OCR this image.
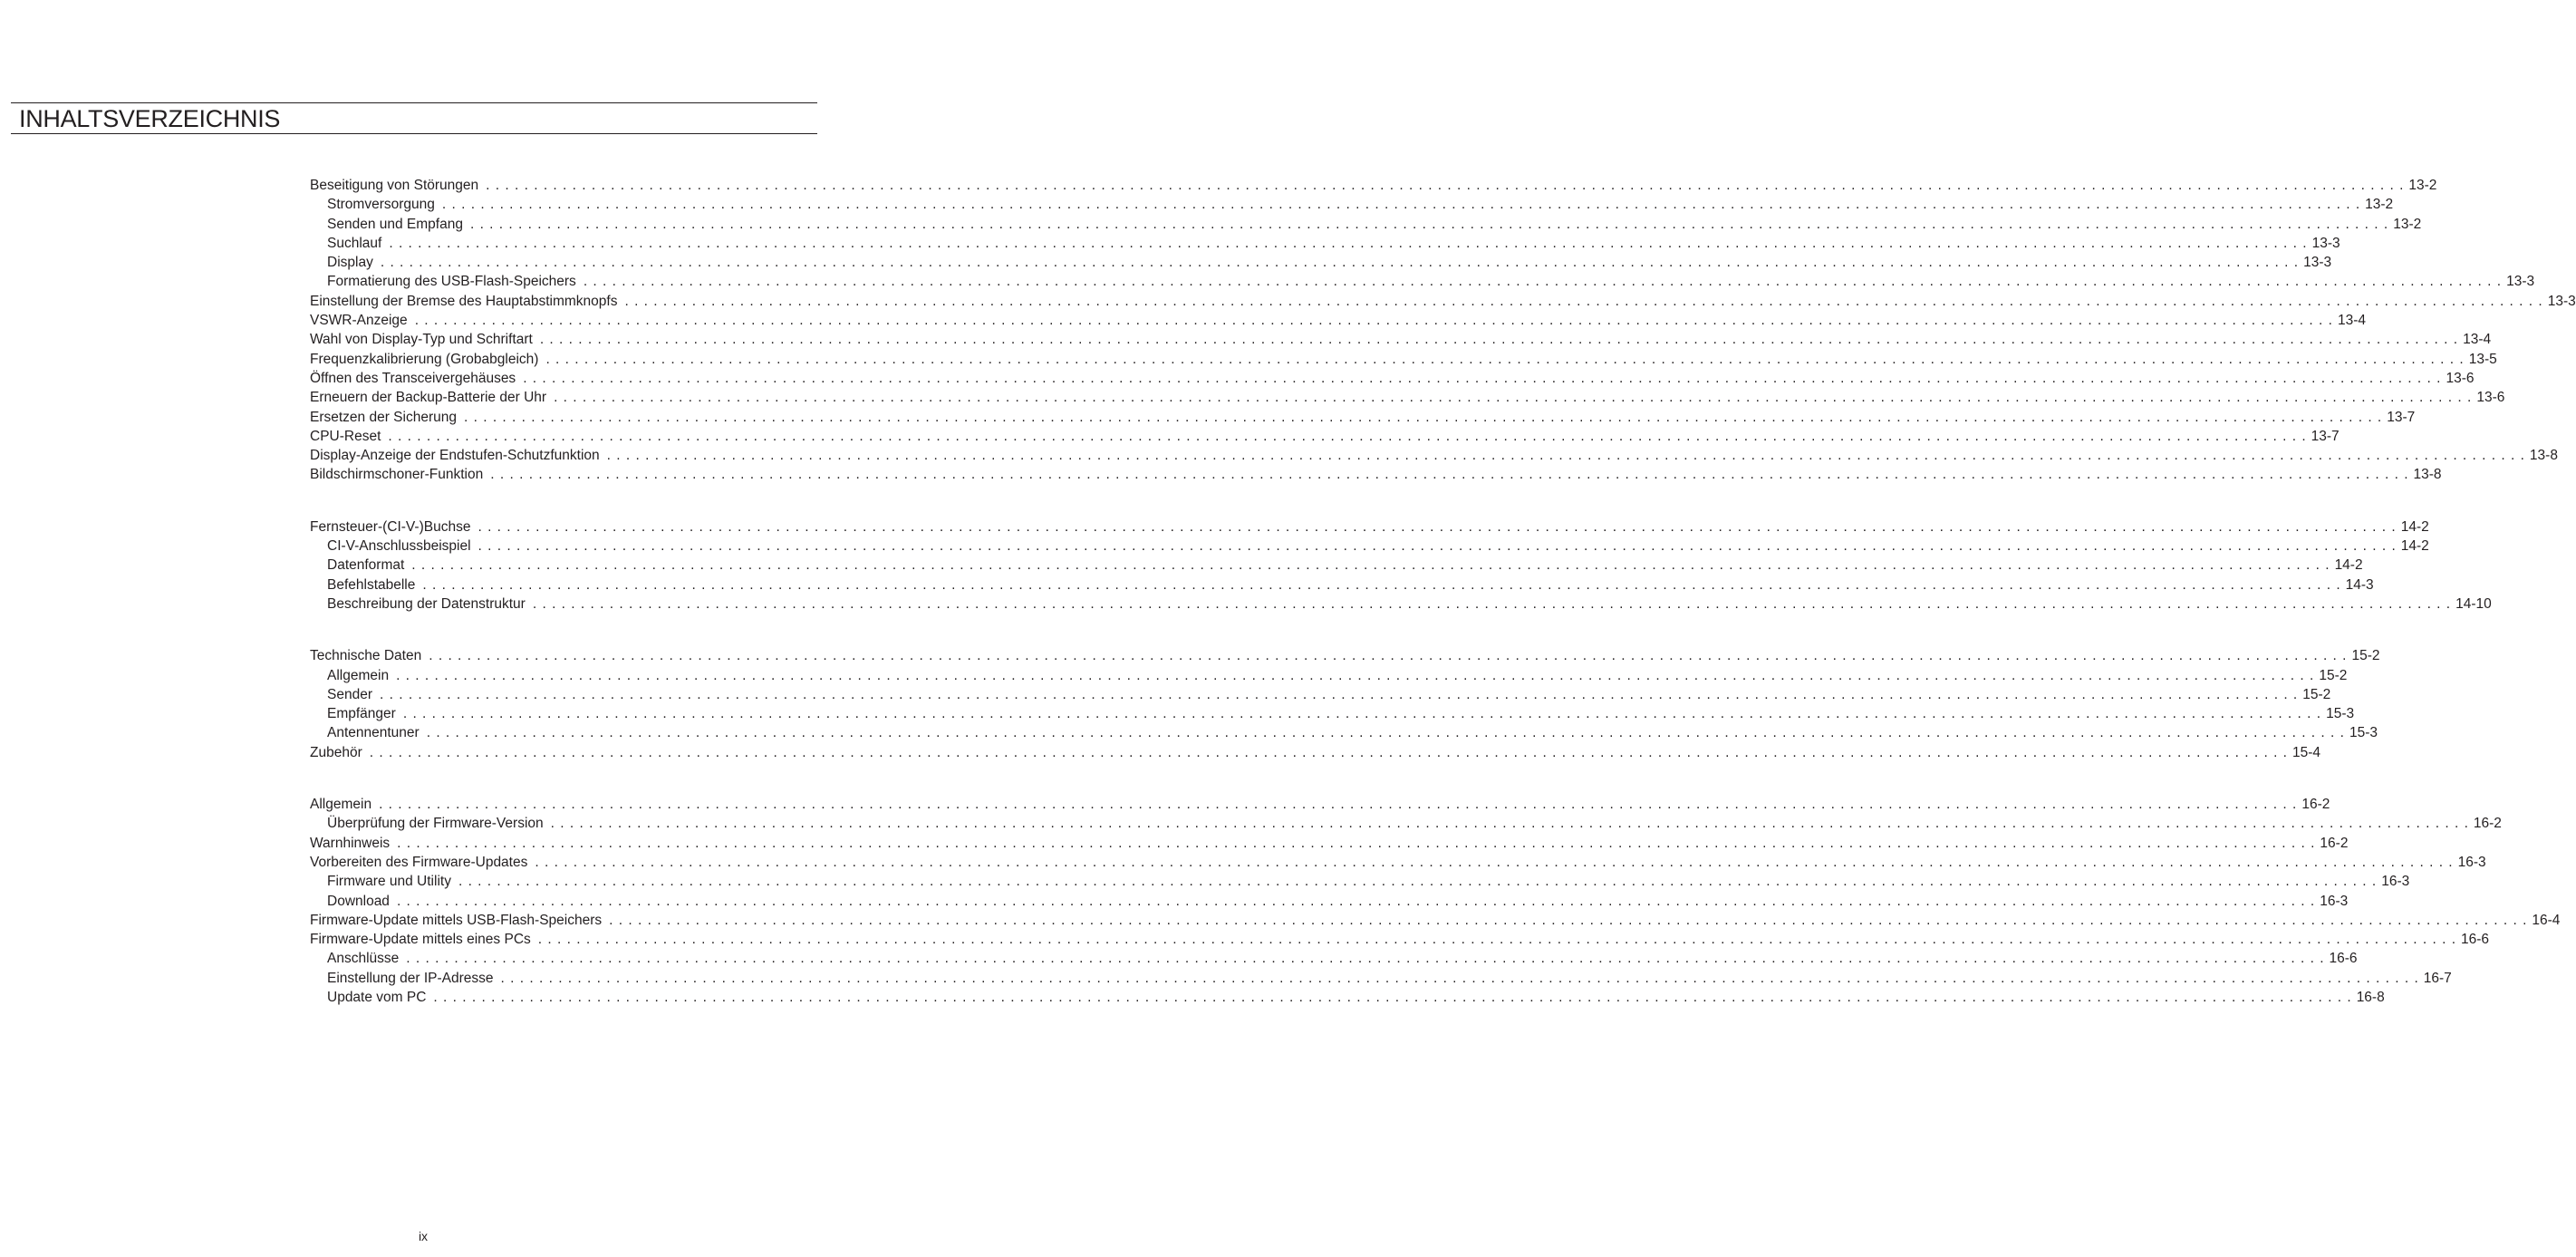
INHALTSVERZEICHNIS
Beseitigung von Störungen . . . . . . . . . . . . . . . . . . . . . . . . . . . . . . . . . . . . . . . . . . . . . . . . . . . . . . . . . . . . . . . . . . . . . . . . . . . . . . . . . . . . . . . . . . . . . . . . . . . . . . . . . . . . . . . . . . . . . . . . . . . . . . . . . . . . . . . . . . . . . . . . . . . . . . . . . . . . . . . . . . . . . . . . . . . . . . . . . . . . . . . . . . . . . . . . . . . . . . . . 13-2
Stromversorgung . . . . . . . . . . . . . . . . . . . . . . . . . . . . . . . . . . . . . . . . . . . . . . . . . . . . . . . . . . . . . . . . . . . . . . . . . . . . . . . . . . . . . . . . . . . . . . . . . . . . . . . . . . . . . . . . . . . . . . . . . . . . . . . . . . . . . . . . . . . . . . . . . . . . . . . . . . . . . . . . . . . . . . . . . . . . . . . . . . . . . . . . . . . . . . . . . . . . . . . . 13-2
Senden und Empfang . . . . . . . . . . . . . . . . . . . . . . . . . . . . . . . . . . . . . . . . . . . . . . . . . . . . . . . . . . . . . . . . . . . . . . . . . . . . . . . . . . . . . . . . . . . . . . . . . . . . . . . . . . . . . . . . . . . . . . . . . . . . . . . . . . . . . . . . . . . . . . . . . . . . . . . . . . . . . . . . . . . . . . . . . . . . . . . . . . . . . . . . . . . . . . . . . . . . . . . . 13-2
Suchlauf . . . . . . . . . . . . . . . . . . . . . . . . . . . . . . . . . . . . . . . . . . . . . . . . . . . . . . . . . . . . . . . . . . . . . . . . . . . . . . . . . . . . . . . . . . . . . . . . . . . . . . . . . . . . . . . . . . . . . . . . . . . . . . . . . . . . . . . . . . . . . . . . . . . . . . . . . . . . . . . . . . . . . . . . . . . . . . . . . . . . . . . . . . . . . . . . . . . . . . . . 13-3
Display . . . . . . . . . . . . . . . . . . . . . . . . . . . . . . . . . . . . . . . . . . . . . . . . . . . . . . . . . . . . . . . . . . . . . . . . . . . . . . . . . . . . . . . . . . . . . . . . . . . . . . . . . . . . . . . . . . . . . . . . . . . . . . . . . . . . . . . . . . . . . . . . . . . . . . . . . . . . . . . . . . . . . . . . . . . . . . . . . . . . . . . . . . . . . . . . . . . . . . . . 13-3
Formatierung des USB-Flash-Speichers . . . . . . . . . . . . . . . . . . . . . . . . . . . . . . . . . . . . . . . . . . . . . . . . . . . . . . . . . . . . . . . . . . . . . . . . . . . . . . . . . . . . . . . . . . . . . . . . . . . . . . . . . . . . . . . . . . . . . . . . . . . . . . . . . . . . . . . . . . . . . . . . . . . . . . . . . . . . . . . . . . . . . . . . . . . . . . . . . . . . . . . . . . . . . . . . . . . . . . . . 13-3
Einstellung der Bremse des Hauptabstimmknopfs . . . . . . . . . . . . . . . . . . . . . . . . . . . . . . . . . . . . . . . . . . . . . . . . . . . . . . . . . . . . . . . . . . . . . . . . . . . . . . . . . . . . . . . . . . . . . . . . . . . . . . . . . . . . . . . . . . . . . . . . . . . . . . . . . . . . . . . . . . . . . . . . . . . . . . . . . . . . . . . . . . . . . . . . . . . . . . . . . . . . . . . . . . . . . . . . . . . . . . . . 13-3
VSWR-Anzeige . . . . . . . . . . . . . . . . . . . . . . . . . . . . . . . . . . . . . . . . . . . . . . . . . . . . . . . . . . . . . . . . . . . . . . . . . . . . . . . . . . . . . . . . . . . . . . . . . . . . . . . . . . . . . . . . . . . . . . . . . . . . . . . . . . . . . . . . . . . . . . . . . . . . . . . . . . . . . . . . . . . . . . . . . . . . . . . . . . . . . . . . . . . . . . . . . . . . . . . . 13-4
Wahl von Display-Typ und Schriftart . . . . . . . . . . . . . . . . . . . . . . . . . . . . . . . . . . . . . . . . . . . . . . . . . . . . . . . . . . . . . . . . . . . . . . . . . . . . . . . . . . . . . . . . . . . . . . . . . . . . . . . . . . . . . . . . . . . . . . . . . . . . . . . . . . . . . . . . . . . . . . . . . . . . . . . . . . . . . . . . . . . . . . . . . . . . . . . . . . . . . . . . . . . . . . . . . . . . . . . . 13-4
Frequenzkalibrierung (Grobabgleich) . . . . . . . . . . . . . . . . . . . . . . . . . . . . . . . . . . . . . . . . . . . . . . . . . . . . . . . . . . . . . . . . . . . . . . . . . . . . . . . . . . . . . . . . . . . . . . . . . . . . . . . . . . . . . . . . . . . . . . . . . . . . . . . . . . . . . . . . . . . . . . . . . . . . . . . . . . . . . . . . . . . . . . . . . . . . . . . . . . . . . . . . . . . . . . . . . . . . . . . . 13-5
Öffnen des Transceivergehäuses . . . . . . . . . . . . . . . . . . . . . . . . . . . . . . . . . . . . . . . . . . . . . . . . . . . . . . . . . . . . . . . . . . . . . . . . . . . . . . . . . . . . . . . . . . . . . . . . . . . . . . . . . . . . . . . . . . . . . . . . . . . . . . . . . . . . . . . . . . . . . . . . . . . . . . . . . . . . . . . . . . . . . . . . . . . . . . . . . . . . . . . . . . . . . . . . . . . . . . . . 13-6
Erneuern der Backup-Batterie der Uhr . . . . . . . . . . . . . . . . . . . . . . . . . . . . . . . . . . . . . . . . . . . . . . . . . . . . . . . . . . . . . . . . . . . . . . . . . . . . . . . . . . . . . . . . . . . . . . . . . . . . . . . . . . . . . . . . . . . . . . . . . . . . . . . . . . . . . . . . . . . . . . . . . . . . . . . . . . . . . . . . . . . . . . . . . . . . . . . . . . . . . . . . . . . . . . . . . . . . . . . . 13-6
Ersetzen der Sicherung . . . . . . . . . . . . . . . . . . . . . . . . . . . . . . . . . . . . . . . . . . . . . . . . . . . . . . . . . . . . . . . . . . . . . . . . . . . . . . . . . . . . . . . . . . . . . . . . . . . . . . . . . . . . . . . . . . . . . . . . . . . . . . . . . . . . . . . . . . . . . . . . . . . . . . . . . . . . . . . . . . . . . . . . . . . . . . . . . . . . . . . . . . . . . . . . . . . . . . . . 13-7
CPU-Reset . . . . . . . . . . . . . . . . . . . . . . . . . . . . . . . . . . . . . . . . . . . . . . . . . . . . . . . . . . . . . . . . . . . . . . . . . . . . . . . . . . . . . . . . . . . . . . . . . . . . . . . . . . . . . . . . . . . . . . . . . . . . . . . . . . . . . . . . . . . . . . . . . . . . . . . . . . . . . . . . . . . . . . . . . . . . . . . . . . . . . . . . . . . . . . . . . . . . . . . . 13-7
Display-Anzeige der Endstufen-Schutzfunktion . . . . . . . . . . . . . . . . . . . . . . . . . . . . . . . . . . . . . . . . . . . . . . . . . . . . . . . . . . . . . . . . . . . . . . . . . . . . . . . . . . . . . . . . . . . . . . . . . . . . . . . . . . . . . . . . . . . . . . . . . . . . . . . . . . . . . . . . . . . . . . . . . . . . . . . . . . . . . . . . . . . . . . . . . . . . . . . . . . . . . . . . . . . . . . . . . . . . . . . . 13-8
Bildschirmschoner-Funktion . . . . . . . . . . . . . . . . . . . . . . . . . . . . . . . . . . . . . . . . . . . . . . . . . . . . . . . . . . . . . . . . . . . . . . . . . . . . . . . . . . . . . . . . . . . . . . . . . . . . . . . . . . . . . . . . . . . . . . . . . . . . . . . . . . . . . . . . . . . . . . . . . . . . . . . . . . . . . . . . . . . . . . . . . . . . . . . . . . . . . . . . . . . . . . . . . . . . . . . . 13-8
Fernsteuer-(CI-V-)Buchse . . . . . . . . . . . . . . . . . . . . . . . . . . . . . . . . . . . . . . . . . . . . . . . . . . . . . . . . . . . . . . . . . . . . . . . . . . . . . . . . . . . . . . . . . . . . . . . . . . . . . . . . . . . . . . . . . . . . . . . . . . . . . . . . . . . . . . . . . . . . . . . . . . . . . . . . . . . . . . . . . . . . . . . . . . . . . . . . . . . . . . . . . . . . . . . . . . . . . . . . 14-2
CI-V-Anschlussbeispiel . . . . . . . . . . . . . . . . . . . . . . . . . . . . . . . . . . . . . . . . . . . . . . . . . . . . . . . . . . . . . . . . . . . . . . . . . . . . . . . . . . . . . . . . . . . . . . . . . . . . . . . . . . . . . . . . . . . . . . . . . . . . . . . . . . . . . . . . . . . . . . . . . . . . . . . . . . . . . . . . . . . . . . . . . . . . . . . . . . . . . . . . . . . . . . . . . . . . . . . . 14-2
Datenformat . . . . . . . . . . . . . . . . . . . . . . . . . . . . . . . . . . . . . . . . . . . . . . . . . . . . . . . . . . . . . . . . . . . . . . . . . . . . . . . . . . . . . . . . . . . . . . . . . . . . . . . . . . . . . . . . . . . . . . . . . . . . . . . . . . . . . . . . . . . . . . . . . . . . . . . . . . . . . . . . . . . . . . . . . . . . . . . . . . . . . . . . . . . . . . . . . . . . . . . . 14-2
Befehlstabelle . . . . . . . . . . . . . . . . . . . . . . . . . . . . . . . . . . . . . . . . . . . . . . . . . . . . . . . . . . . . . . . . . . . . . . . . . . . . . . . . . . . . . . . . . . . . . . . . . . . . . . . . . . . . . . . . . . . . . . . . . . . . . . . . . . . . . . . . . . . . . . . . . . . . . . . . . . . . . . . . . . . . . . . . . . . . . . . . . . . . . . . . . . . . . . . . . . . . . . . . 14-3
Beschreibung der Datenstruktur . . . . . . . . . . . . . . . . . . . . . . . . . . . . . . . . . . . . . . . . . . . . . . . . . . . . . . . . . . . . . . . . . . . . . . . . . . . . . . . . . . . . . . . . . . . . . . . . . . . . . . . . . . . . . . . . . . . . . . . . . . . . . . . . . . . . . . . . . . . . . . . . . . . . . . . . . . . . . . . . . . . . . . . . . . . . . . . . . . . . . . . . . . . . . . . . . . . . . . . . 14-10
Technische Daten . . . . . . . . . . . . . . . . . . . . . . . . . . . . . . . . . . . . . . . . . . . . . . . . . . . . . . . . . . . . . . . . . . . . . . . . . . . . . . . . . . . . . . . . . . . . . . . . . . . . . . . . . . . . . . . . . . . . . . . . . . . . . . . . . . . . . . . . . . . . . . . . . . . . . . . . . . . . . . . . . . . . . . . . . . . . . . . . . . . . . . . . . . . . . . . . . . . . . . . . 15-2
Allgemein . . . . . . . . . . . . . . . . . . . . . . . . . . . . . . . . . . . . . . . . . . . . . . . . . . . . . . . . . . . . . . . . . . . . . . . . . . . . . . . . . . . . . . . . . . . . . . . . . . . . . . . . . . . . . . . . . . . . . . . . . . . . . . . . . . . . . . . . . . . . . . . . . . . . . . . . . . . . . . . . . . . . . . . . . . . . . . . . . . . . . . . . . . . . . . . . . . . . . . . . 15-2
Sender . . . . . . . . . . . . . . . . . . . . . . . . . . . . . . . . . . . . . . . . . . . . . . . . . . . . . . . . . . . . . . . . . . . . . . . . . . . . . . . . . . . . . . . . . . . . . . . . . . . . . . . . . . . . . . . . . . . . . . . . . . . . . . . . . . . . . . . . . . . . . . . . . . . . . . . . . . . . . . . . . . . . . . . . . . . . . . . . . . . . . . . . . . . . . . . . . . . . . . . . 15-2
Empfänger . . . . . . . . . . . . . . . . . . . . . . . . . . . . . . . . . . . . . . . . . . . . . . . . . . . . . . . . . . . . . . . . . . . . . . . . . . . . . . . . . . . . . . . . . . . . . . . . . . . . . . . . . . . . . . . . . . . . . . . . . . . . . . . . . . . . . . . . . . . . . . . . . . . . . . . . . . . . . . . . . . . . . . . . . . . . . . . . . . . . . . . . . . . . . . . . . . . . . . . . 15-3
Antennentuner . . . . . . . . . . . . . . . . . . . . . . . . . . . . . . . . . . . . . . . . . . . . . . . . . . . . . . . . . . . . . . . . . . . . . . . . . . . . . . . . . . . . . . . . . . . . . . . . . . . . . . . . . . . . . . . . . . . . . . . . . . . . . . . . . . . . . . . . . . . . . . . . . . . . . . . . . . . . . . . . . . . . . . . . . . . . . . . . . . . . . . . . . . . . . . . . . . . . . . . . 15-3
Zubehör . . . . . . . . . . . . . . . . . . . . . . . . . . . . . . . . . . . . . . . . . . . . . . . . . . . . . . . . . . . . . . . . . . . . . . . . . . . . . . . . . . . . . . . . . . . . . . . . . . . . . . . . . . . . . . . . . . . . . . . . . . . . . . . . . . . . . . . . . . . . . . . . . . . . . . . . . . . . . . . . . . . . . . . . . . . . . . . . . . . . . . . . . . . . . . . . . . . . . . . . 15-4
Allgemein . . . . . . . . . . . . . . . . . . . . . . . . . . . . . . . . . . . . . . . . . . . . . . . . . . . . . . . . . . . . . . . . . . . . . . . . . . . . . . . . . . . . . . . . . . . . . . . . . . . . . . . . . . . . . . . . . . . . . . . . . . . . . . . . . . . . . . . . . . . . . . . . . . . . . . . . . . . . . . . . . . . . . . . . . . . . . . . . . . . . . . . . . . . . . . . . . . . . . . . . 16-2
Überprüfung der Firmware-Version . . . . . . . . . . . . . . . . . . . . . . . . . . . . . . . . . . . . . . . . . . . . . . . . . . . . . . . . . . . . . . . . . . . . . . . . . . . . . . . . . . . . . . . . . . . . . . . . . . . . . . . . . . . . . . . . . . . . . . . . . . . . . . . . . . . . . . . . . . . . . . . . . . . . . . . . . . . . . . . . . . . . . . . . . . . . . . . . . . . . . . . . . . . . . . . . . . . . . . . . 16-2
Warnhinweis . . . . . . . . . . . . . . . . . . . . . . . . . . . . . . . . . . . . . . . . . . . . . . . . . . . . . . . . . . . . . . . . . . . . . . . . . . . . . . . . . . . . . . . . . . . . . . . . . . . . . . . . . . . . . . . . . . . . . . . . . . . . . . . . . . . . . . . . . . . . . . . . . . . . . . . . . . . . . . . . . . . . . . . . . . . . . . . . . . . . . . . . . . . . . . . . . . . . . . . . 16-2
Vorbereiten des Firmware-Updates . . . . . . . . . . . . . . . . . . . . . . . . . . . . . . . . . . . . . . . . . . . . . . . . . . . . . . . . . . . . . . . . . . . . . . . . . . . . . . . . . . . . . . . . . . . . . . . . . . . . . . . . . . . . . . . . . . . . . . . . . . . . . . . . . . . . . . . . . . . . . . . . . . . . . . . . . . . . . . . . . . . . . . . . . . . . . . . . . . . . . . . . . . . . . . . . . . . . . . . . 16-3
Firmware und Utility . . . . . . . . . . . . . . . . . . . . . . . . . . . . . . . . . . . . . . . . . . . . . . . . . . . . . . . . . . . . . . . . . . . . . . . . . . . . . . . . . . . . . . . . . . . . . . . . . . . . . . . . . . . . . . . . . . . . . . . . . . . . . . . . . . . . . . . . . . . . . . . . . . . . . . . . . . . . . . . . . . . . . . . . . . . . . . . . . . . . . . . . . . . . . . . . . . . . . . . . 16-3
Download . . . . . . . . . . . . . . . . . . . . . . . . . . . . . . . . . . . . . . . . . . . . . . . . . . . . . . . . . . . . . . . . . . . . . . . . . . . . . . . . . . . . . . . . . . . . . . . . . . . . . . . . . . . . . . . . . . . . . . . . . . . . . . . . . . . . . . . . . . . . . . . . . . . . . . . . . . . . . . . . . . . . . . . . . . . . . . . . . . . . . . . . . . . . . . . . . . . . . . . . 16-3
Firmware-Update mittels USB-Flash-Speichers . . . . . . . . . . . . . . . . . . . . . . . . . . . . . . . . . . . . . . . . . . . . . . . . . . . . . . . . . . . . . . . . . . . . . . . . . . . . . . . . . . . . . . . . . . . . . . . . . . . . . . . . . . . . . . . . . . . . . . . . . . . . . . . . . . . . . . . . . . . . . . . . . . . . . . . . . . . . . . . . . . . . . . . . . . . . . . . . . . . . . . . . . . . . . . . . . . . . . . . . 16-4
Firmware-Update mittels eines PCs . . . . . . . . . . . . . . . . . . . . . . . . . . . . . . . . . . . . . . . . . . . . . . . . . . . . . . . . . . . . . . . . . . . . . . . . . . . . . . . . . . . . . . . . . . . . . . . . . . . . . . . . . . . . . . . . . . . . . . . . . . . . . . . . . . . . . . . . . . . . . . . . . . . . . . . . . . . . . . . . . . . . . . . . . . . . . . . . . . . . . . . . . . . . . . . . . . . . . . . . 16-6
Anschlüsse . . . . . . . . . . . . . . . . . . . . . . . . . . . . . . . . . . . . . . . . . . . . . . . . . . . . . . . . . . . . . . . . . . . . . . . . . . . . . . . . . . . . . . . . . . . . . . . . . . . . . . . . . . . . . . . . . . . . . . . . . . . . . . . . . . . . . . . . . . . . . . . . . . . . . . . . . . . . . . . . . . . . . . . . . . . . . . . . . . . . . . . . . . . . . . . . . . . . . . . . 16-6
Einstellung der IP-Adresse . . . . . . . . . . . . . . . . . . . . . . . . . . . . . . . . . . . . . . . . . . . . . . . . . . . . . . . . . . . . . . . . . . . . . . . . . . . . . . . . . . . . . . . . . . . . . . . . . . . . . . . . . . . . . . . . . . . . . . . . . . . . . . . . . . . . . . . . . . . . . . . . . . . . . . . . . . . . . . . . . . . . . . . . . . . . . . . . . . . . . . . . . . . . . . . . . . . . . . . . 16-7
Update vom PC . . . . . . . . . . . . . . . . . . . . . . . . . . . . . . . . . . . . . . . . . . . . . . . . . . . . . . . . . . . . . . . . . . . . . . . . . . . . . . . . . . . . . . . . . . . . . . . . . . . . . . . . . . . . . . . . . . . . . . . . . . . . . . . . . . . . . . . . . . . . . . . . . . . . . . . . . . . . . . . . . . . . . . . . . . . . . . . . . . . . . . . . . . . . . . . . . . . . . . . . 16-8
ix
